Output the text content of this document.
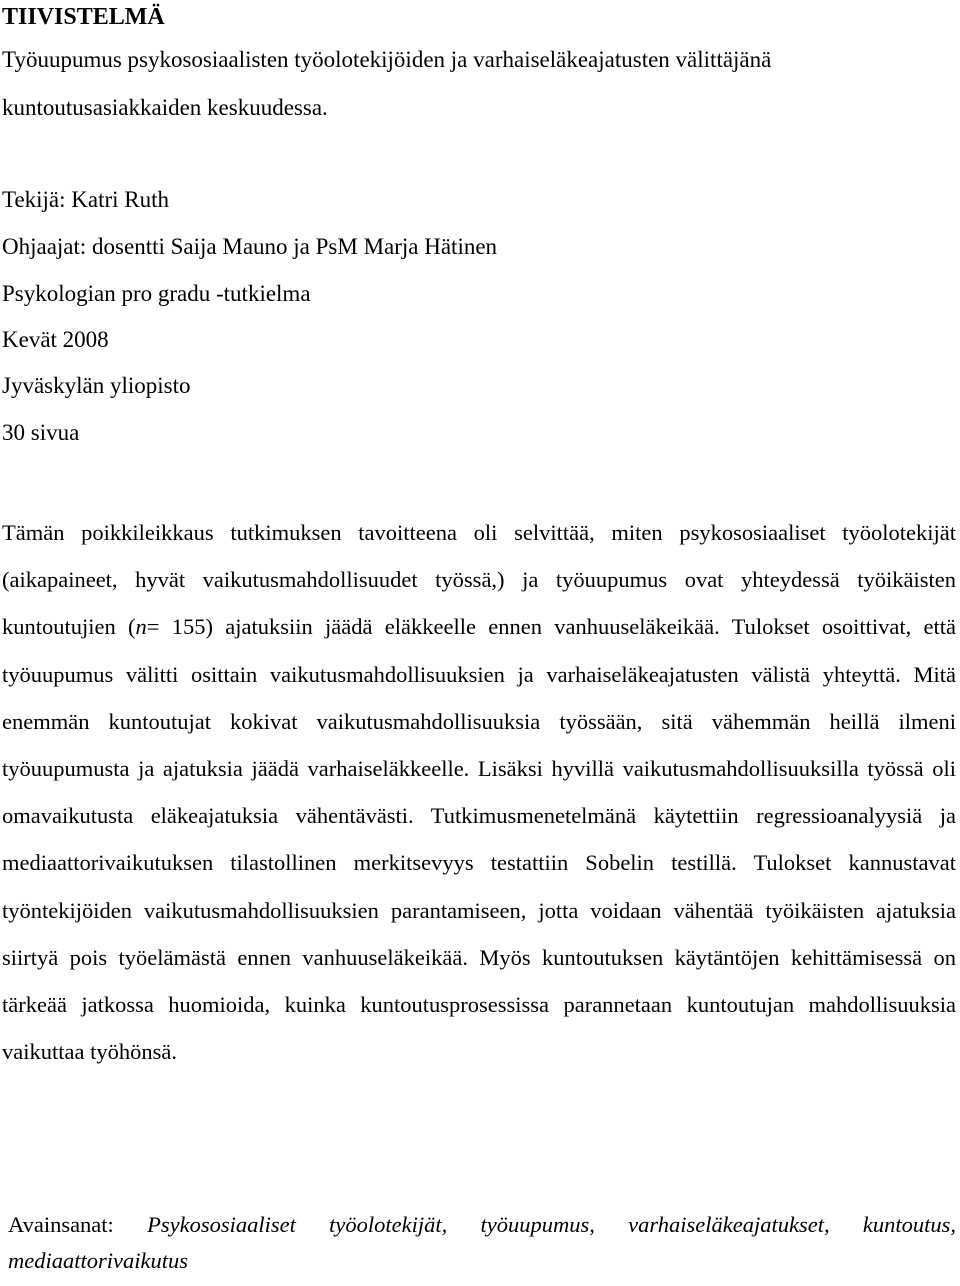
TIIVISTELMÄ
Työuupumus psykososiaalisten työolotekijöiden ja varhaiseläkeajatusten välittäjänä
kuntoutusasiakkaiden keskuudessa.
Tekijä: Katri Ruth
Ohjaajat: dosentti Saija Mauno ja PsM Marja Hätinen
Psykologian pro gradu -tutkielma
Kevät 2008
Jyväskylän yliopisto
30 sivua

Tämän poikkileikkaus tutkimuksen tavoitteena oli selvittää, miten psykososiaaliset työolotekijät (aikapaineet, hyvät vaikutusmahdollisuudet työssä,) ja työuupumus ovat yhteydessä työikäisten kuntoutujien (n= 155) ajatuksiin jäädä eläkkeelle ennen vanhuuseläkeikää. Tulokset osoittivat, että työuupumus välitti osittain vaikutusmahdollisuuksien ja varhaiseläkeajatusten välistä yhteyttä. Mitä enemmän kuntoutujat kokivat vaikutusmahdollisuuksia työssään, sitä vähemmän heillä ilmeni työuupumusta ja ajatuksia jäädä varhaiseläkkeelle. Lisäksi hyvillä vaikutusmahdollisuuksilla työssä oli omavaikutusta eläkeajatuksia vähentävästi. Tutkimusmenetelmänä käytettiin regressioanalyysiä ja mediaattorivaikutuksen tilastollinen merkitsevyys testattiin Sobelin testillä. Tulokset kannustavat työntekijöiden vaikutusmahdollisuuksien parantamiseen, jotta voidaan vähentää työikäisten ajatuksia siirtyä pois työelämästä ennen vanhuuseläkeikää. Myös kuntoutuksen käytäntöjen kehittämisessä on tärkeää jatkossa huomioida, kuinka kuntoutusprosessissa parannetaan kuntoutujan mahdollisuuksia vaikuttaa työhönsä.

Avainsanat: Psykososiaaliset työolotekijät, työuupumus, varhaiseläkeajatukset, kuntoutus, mediaattorivaikutus
